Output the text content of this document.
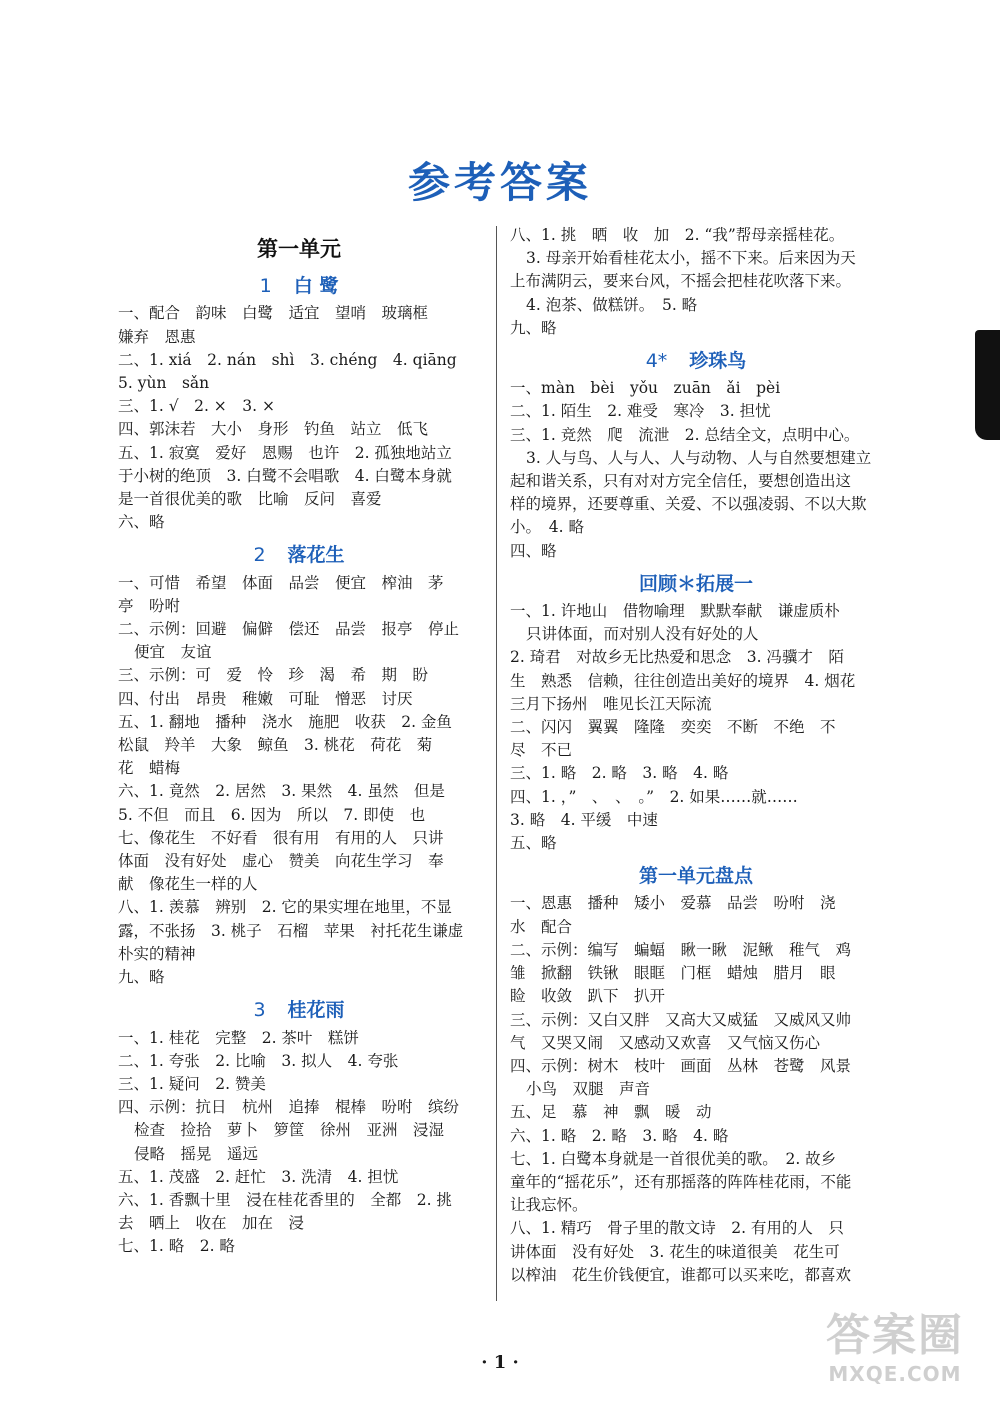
参考答案
第一单元
1 白 鹭
一、配合　韵味　白鹭　适宜　望哨　玻璃框
嫌弃　恩惠
二、1. xiá　2. nán　shì　3. chéng　4. qiāng
5. yùn　sǎn
三、1. √　2. ×　3. ×
四、郭沫若　大小　身形　钓鱼　站立　低飞
五、1. 寂寞　爱好　恩赐　也许　2. 孤独地站立
于小树的绝顶　3. 白鹭不会唱歌　4. 白鹭本身就
是一首很优美的歌　比喻　反问　喜爱
六、略
2 落花生
一、可惜　希望　体面　品尝　便宜　榨油　茅
亭　吩咐
二、示例：回避　偏僻　偿还　品尝　报亭　停止
便宜　友谊
三、示例：可　爱　怜　珍　渴　希　期　盼
四、付出　昂贵　稚嫩　可耻　憎恶　讨厌
五、1. 翻地　播种　浇水　施肥　收获　2. 金鱼
松鼠　羚羊　大象　鲸鱼　3. 桃花　荷花　菊
花　蜡梅
六、1. 竟然　2. 居然　3. 果然　4. 虽然　但是
5. 不但　而且　6. 因为　所以　7. 即使　也
七、像花生　不好看　很有用　有用的人　只讲
体面　没有好处　虚心　赞美　向花生学习　奉
献　像花生一样的人
八、1. 羡慕　辨别　2. 它的果实埋在地里，不显
露，不张扬　3. 桃子　石榴　苹果　衬托花生谦虚
朴实的精神
九、略
3 桂花雨
一、1. 桂花　完整　2. 茶叶　糕饼
二、1. 夸张　2. 比喻　3. 拟人　4. 夸张
三、1. 疑问　2. 赞美
四、示例：抗日　杭州　追捧　棍棒　吩咐　缤纷
检查　捡拾　萝卜　箩筐　徐州　亚洲　浸湿
侵略　摇晃　遥远
五、1. 茂盛　2. 赶忙　3. 洗清　4. 担忧
六、1. 香飘十里　浸在桂花香里的　全都　2. 挑
去　晒上　收在　加在　浸
七、1. 略　2. 略
八、1. 挑　晒　收　加　2. “我”帮母亲摇桂花。
3. 母亲开始看桂花太小，摇不下来。后来因为天
上布满阴云，要来台风，不摇会把桂花吹落下来。
4. 泡茶、做糕饼。　5. 略
九、略
4* 珍珠鸟
一、màn　bèi　yǒu　zuān　ǎi　pèi
二、1. 陌生　2. 难受　寒冷　3. 担忧
三、1. 竞然　爬　流泄　2. 总结全文，点明中心。
3. 人与鸟、人与人、人与动物、人与自然要想建立
起和谐关系，只有对对方完全信任，要想创造出这
样的境界，还要尊重、关爱、不以强凌弱、不以大欺
小。　4. 略
四、略
回顾＊拓展一
一、1. 许地山　借物喻理　默默奉献　谦虚质朴
只讲体面，而对别人没有好处的人
2. 琦君　对故乡无比热爱和思念　3. 冯骥才　陌
生　熟悉　信赖，往往创造出美好的境界　4. 烟花
三月下扬州　唯见长江天际流
二、闪闪　翼翼　隆隆　奕奕　不断　不绝　不
尽　不已
三、1. 略　2. 略　3. 略　4. 略
四、1. ，”　、　、　。”　2. 如果……就……
3. 略　4. 平缓　中速
五、略
第一单元盘点
一、恩惠　播种　矮小　爱慕　品尝　吩咐　浇
水　配合
二、示例：编写　蝙蝠　瞅一瞅　泥鳅　稚气　鸡
雏　掀翻　铁锹　眼眶　门框　蜡烛　腊月　眼
睑　收敛　趴下　扒开
三、示例：又白又胖　又高大又威猛　又威风又帅
气　又哭又闹　又感动又欢喜　又气恼又伤心
四、示例：树木　枝叶　画面　丛林　苍鹭　风景
小鸟　双腿　声音
五、足　慕　神　飘　暖　动
六、1. 略　2. 略　3. 略　4. 略
七、1. 白鹭本身就是一首很优美的歌。　2. 故乡
童年的“摇花乐”，还有那摇落的阵阵桂花雨，不能
让我忘怀。
八、1. 精巧　骨子里的散文诗　2. 有用的人　只
讲体面　没有好处　3. 花生的味道很美　花生可
以榨油　花生价钱便宜，谁都可以买来吃，都喜欢
· 1 ·
答案圈
MXQE.COM
